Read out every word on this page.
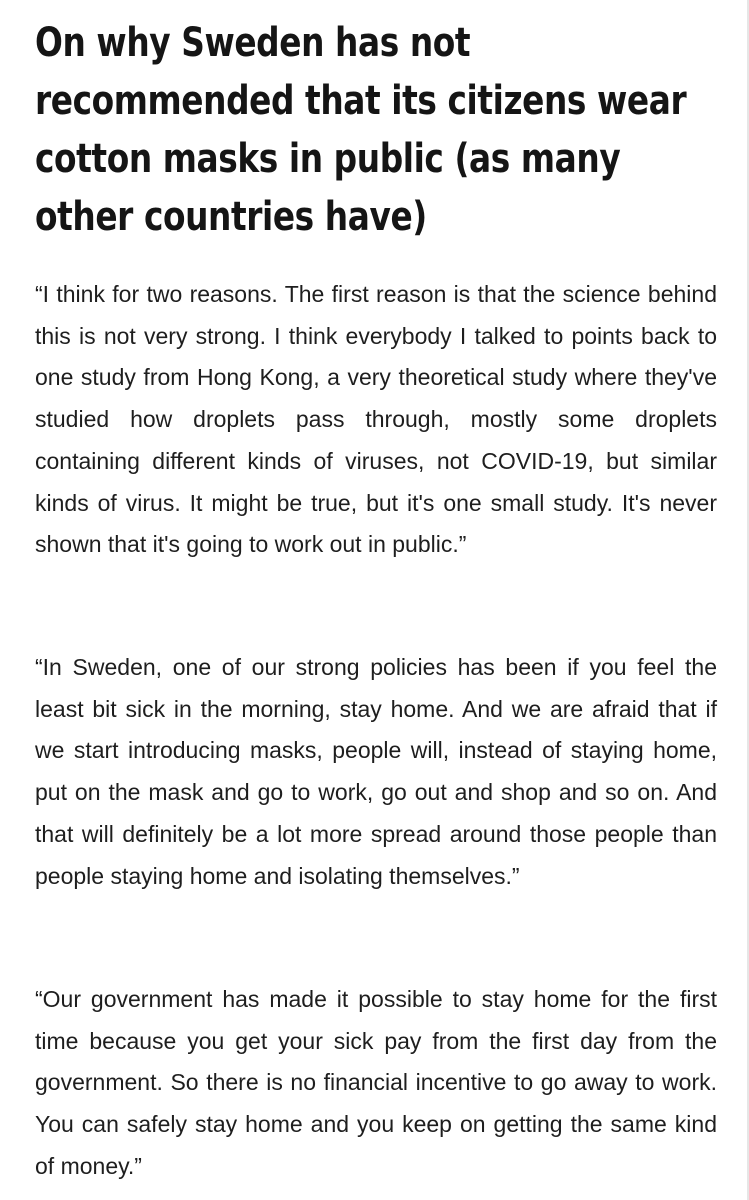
On why Sweden has not recommended that its citizens wear cotton masks in public (as many other countries have)

“I think for two reasons. The first reason is that the science behind this is not very strong. I think everybody I talked to points back to one study from Hong Kong, a very theoretical study where they've studied how droplets pass through, mostly some droplets containing different kinds of viruses, not COVID-19, but similar kinds of virus. It might be true, but it's one small study. It's never shown that it's going to work out in public.”

“In Sweden, one of our strong policies has been if you feel the least bit sick in the morning, stay home. And we are afraid that if we start introducing masks, people will, instead of staying home, put on the mask and go to work, go out and shop and so on. And that will definitely be a lot more spread around those people than people staying home and isolating themselves.”

“Our government has made it possible to stay home for the first time because you get your sick pay from the first day from the government. So there is no financial incentive to go away to work. You can safely stay home and you keep on getting the same kind of money.”
